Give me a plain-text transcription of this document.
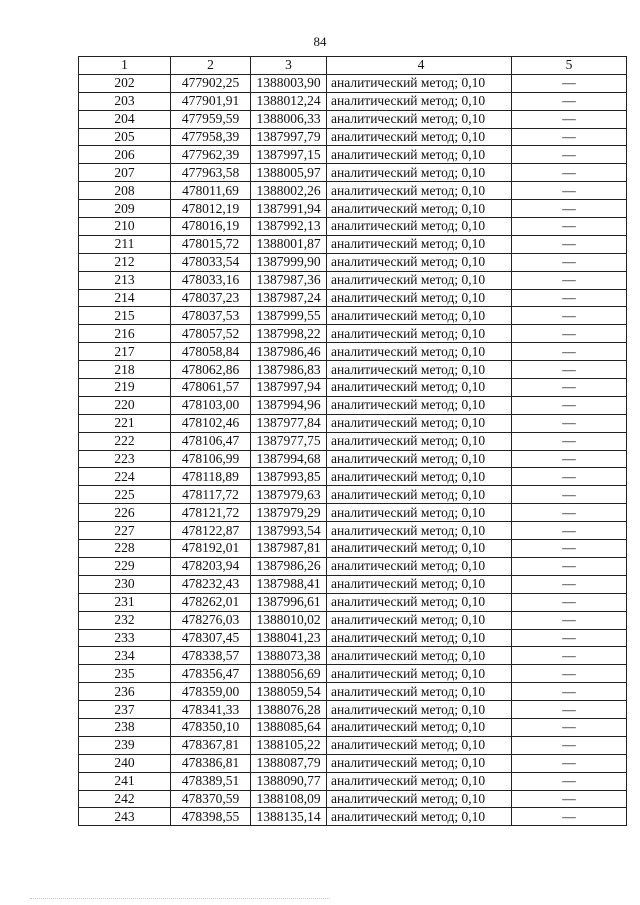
84
1	2	3	4	5
202	477902,25	1388003,90	аналитический метод; 0,10	—
203	477901,91	1388012,24	аналитический метод; 0,10	—
204	477959,59	1388006,33	аналитический метод; 0,10	—
205	477958,39	1387997,79	аналитический метод; 0,10	—
206	477962,39	1387997,15	аналитический метод; 0,10	—
207	477963,58	1388005,97	аналитический метод; 0,10	—
208	478011,69	1388002,26	аналитический метод; 0,10	—
209	478012,19	1387991,94	аналитический метод; 0,10	—
210	478016,19	1387992,13	аналитический метод; 0,10	—
211	478015,72	1388001,87	аналитический метод; 0,10	—
212	478033,54	1387999,90	аналитический метод; 0,10	—
213	478033,16	1387987,36	аналитический метод; 0,10	—
214	478037,23	1387987,24	аналитический метод; 0,10	—
215	478037,53	1387999,55	аналитический метод; 0,10	—
216	478057,52	1387998,22	аналитический метод; 0,10	—
217	478058,84	1387986,46	аналитический метод; 0,10	—
218	478062,86	1387986,83	аналитический метод; 0,10	—
219	478061,57	1387997,94	аналитический метод; 0,10	—
220	478103,00	1387994,96	аналитический метод; 0,10	—
221	478102,46	1387977,84	аналитический метод; 0,10	—
222	478106,47	1387977,75	аналитический метод; 0,10	—
223	478106,99	1387994,68	аналитический метод; 0,10	—
224	478118,89	1387993,85	аналитический метод; 0,10	—
225	478117,72	1387979,63	аналитический метод; 0,10	—
226	478121,72	1387979,29	аналитический метод; 0,10	—
227	478122,87	1387993,54	аналитический метод; 0,10	—
228	478192,01	1387987,81	аналитический метод; 0,10	—
229	478203,94	1387986,26	аналитический метод; 0,10	—
230	478232,43	1387988,41	аналитический метод; 0,10	—
231	478262,01	1387996,61	аналитический метод; 0,10	—
232	478276,03	1388010,02	аналитический метод; 0,10	—
233	478307,45	1388041,23	аналитический метод; 0,10	—
234	478338,57	1388073,38	аналитический метод; 0,10	—
235	478356,47	1388056,69	аналитический метод; 0,10	—
236	478359,00	1388059,54	аналитический метод; 0,10	—
237	478341,33	1388076,28	аналитический метод; 0,10	—
238	478350,10	1388085,64	аналитический метод; 0,10	—
239	478367,81	1388105,22	аналитический метод; 0,10	—
240	478386,81	1388087,79	аналитический метод; 0,10	—
241	478389,51	1388090,77	аналитический метод; 0,10	—
242	478370,59	1388108,09	аналитический метод; 0,10	—
243	478398,55	1388135,14	аналитический метод; 0,10	—
